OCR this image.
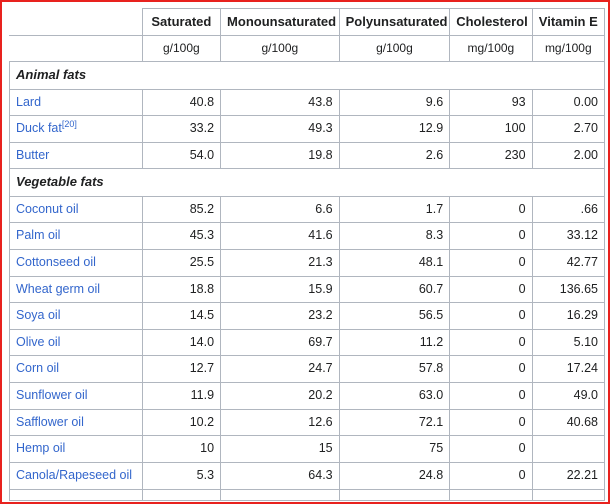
	Saturated	Monounsaturated	Polyunsaturated	Cholesterol	Vitamin E
	g/100g	g/100g	g/100g	mg/100g	mg/100g
Animal fats					
Lard	40.8	43.8	9.6	93	0.00
Duck fat[20]	33.2	49.3	12.9	100	2.70
Butter	54.0	19.8	2.6	230	2.00
Vegetable fats					
Coconut oil	85.2	6.6	1.7	0	.66
Palm oil	45.3	41.6	8.3	0	33.12
Cottonseed oil	25.5	21.3	48.1	0	42.77
Wheat germ oil	18.8	15.9	60.7	0	136.65
Soya oil	14.5	23.2	56.5	0	16.29
Olive oil	14.0	69.7	11.2	0	5.10
Corn oil	12.7	24.7	57.8	0	17.24
Sunflower oil	11.9	20.2	63.0	0	49.0
Safflower oil	10.2	12.6	72.1	0	40.68
Hemp oil	10	15	75	0	
Canola/Rapeseed oil	5.3	64.3	24.8	0	22.21
